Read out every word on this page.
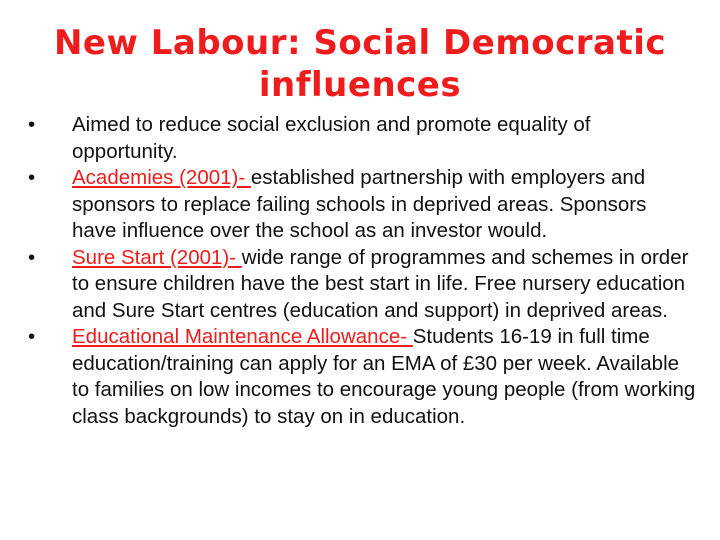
New Labour: Social Democratic influences
•	Aimed to reduce social exclusion and promote equality of opportunity.
•	Academies (2001)- established partnership with employers and sponsors to replace failing schools in deprived areas. Sponsors have influence over the school as an investor would.
•	Sure Start (2001)- wide range of programmes and schemes in order to ensure children have the best start in life. Free nursery education and Sure Start centres (education and support) in deprived areas.
•	Educational Maintenance Allowance- Students 16-19 in full time education/training can apply for an EMA of £30 per week. Available to families on low incomes to encourage young people (from working class backgrounds) to stay on in education.
